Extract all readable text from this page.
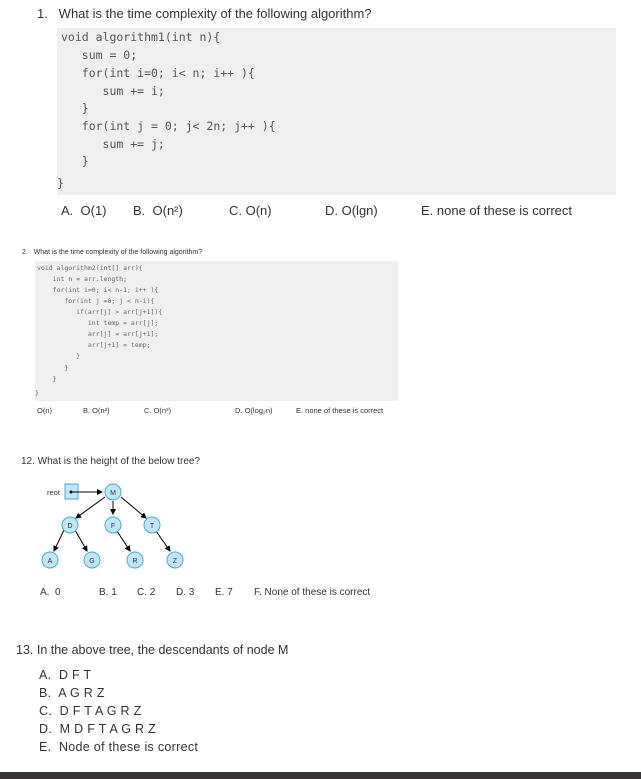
1.   What is the time complexity of the following algorithm?
void algorithm1(int n){
sum = 0;
for(int i=0; i< n; i++ ){
sum += i;
}
for(int j = 0; j< 2n; j++ ){
sum += j;
}
}
A.  O(1) B.  O(n²)	C. O(n)	D. O(lgn)	E. none of these is correct
2.   What is the time complexity of the following algorithm?
void algorithm2(int[] arr){
int n = arr.length;
for(int i=0; i< n-1; i++ ){
for(int j =0; j < n-i){
if(arr[j] > arr[j+1]){
int temp = arr[j];
arr[j] = arr[j+1];
arr[j+1] = temp;
}
}
}
}
O(n)	B. O(n²)	C. O(n³)	D. O(log₂n)	E. none of these is correct
12. What is the height of the below tree?
reot	M
D	F	T
A	G	R	Z
A.  0	B. 1 C. 2 D. 3 E. 7 F. None of these is correct
13. In the above tree, the descendants of node M
A.  D F T
B.  A G R Z
C.  D F T A G R Z
D.  M D F T A G R Z
E.  Node of these is correct
